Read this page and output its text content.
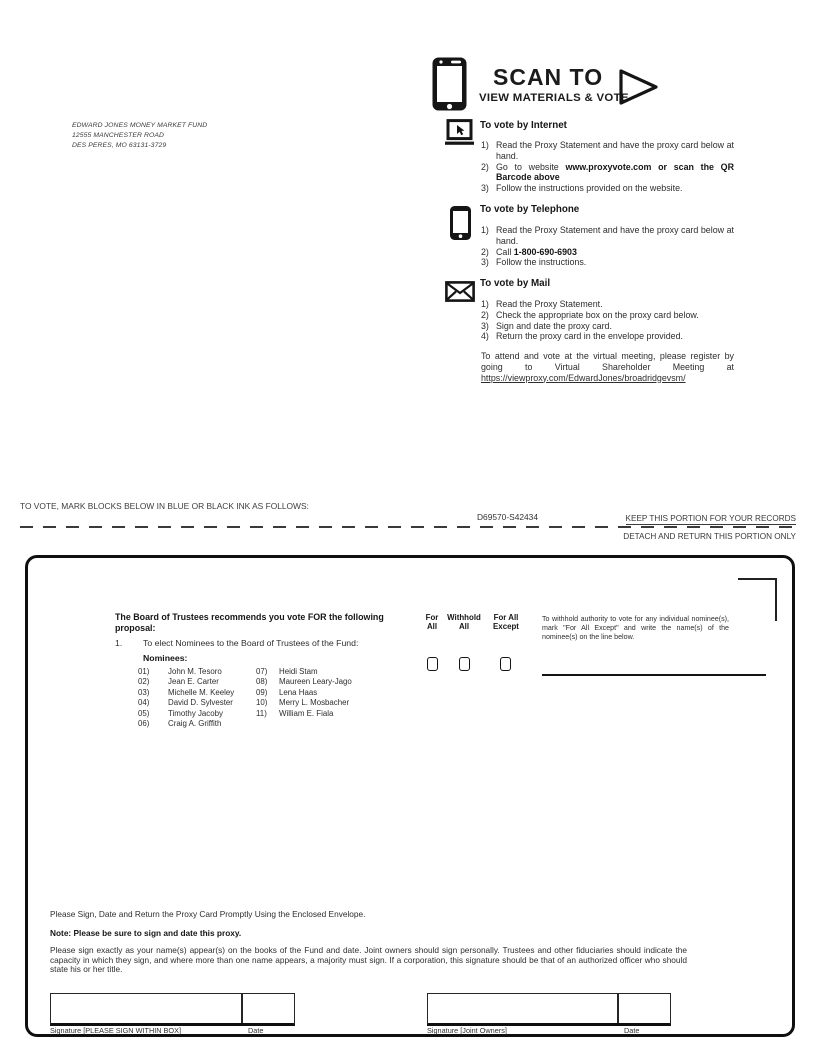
EDWARD JONES MONEY MARKET FUND
12555 MANCHESTER ROAD
DES PERES, MO 63131-3729
SCAN TO
VIEW MATERIALS & VOTE
To vote by Internet
1) Read the Proxy Statement and have the proxy card below at hand.
2) Go to website www.proxyvote.com or scan the QR Barcode above
3) Follow the instructions provided on the website.
To vote by Telephone
1) Read the Proxy Statement and have the proxy card below at hand.
2) Call 1-800-690-6903
3) Follow the instructions.
To vote by Mail
1) Read the Proxy Statement.
2) Check the appropriate box on the proxy card below.
3) Sign and date the proxy card.
4) Return the proxy card in the envelope provided.
To attend and vote at the virtual meeting, please register by going to Virtual Shareholder Meeting at https://viewproxy.com/EdwardJones/broadridgevsm/
TO VOTE, MARK BLOCKS BELOW IN BLUE OR BLACK INK AS FOLLOWS:
D69570-S42434	KEEP THIS PORTION FOR YOUR RECORDS
DETACH AND RETURN THIS PORTION ONLY
The Board of Trustees recommends you vote FOR the following proposal:
1. To elect Nominees to the Board of Trustees of the Fund:
Nominees:
01)	John M. Tesoro
02)	Jean E. Carter
03)	Michelle M. Keeley
04)	David D. Sylvester
05)	Timothy Jacoby
06)	Craig A. Griffith
07)	Heidi Stam
08)	Maureen Leary-Jago
09)	Lena Haas
10)	Merry L. Mosbacher
11)	William E. Fiala
For
All
Withhold
All
For All
Except
To withhold authority to vote for any individual nominee(s), mark "For All Except" and write the name(s) of the nominee(s) on the line below.
Please Sign, Date and Return the Proxy Card Promptly Using the Enclosed Envelope.
Note: Please be sure to sign and date this proxy.
Please sign exactly as your name(s) appear(s) on the books of the Fund and date. Joint owners should sign personally. Trustees and other fiduciaries should indicate the capacity in which they sign, and where more than one name appears, a majority must sign. If a corporation, this signature should be that of an authorized officer who should state his or her title.
Signature [PLEASE SIGN WITHIN BOX]	Date	Signature [Joint Owners]	Date
